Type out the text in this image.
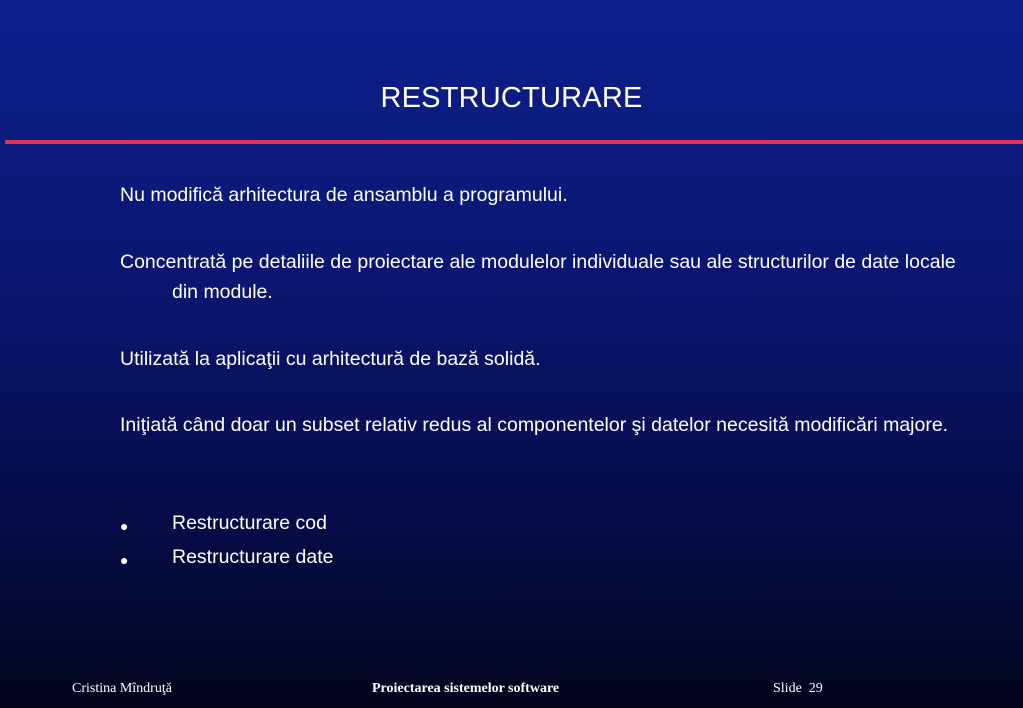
RESTRUCTURARE

Nu modifică arhitectura de ansamblu a programului.

Concentrată pe detaliile de proiectare ale modulelor individuale sau ale structurilor de date locale din module.

Utilizată la aplicaţii cu arhitectură de bază solidă.

Iniţiată când doar un subset relativ redus al componentelor şi datelor necesită modificări majore.

● Restructurare cod
● Restructurare date
Cristina Mîndruţă	Proiectarea sistemelor software	Slide  29
